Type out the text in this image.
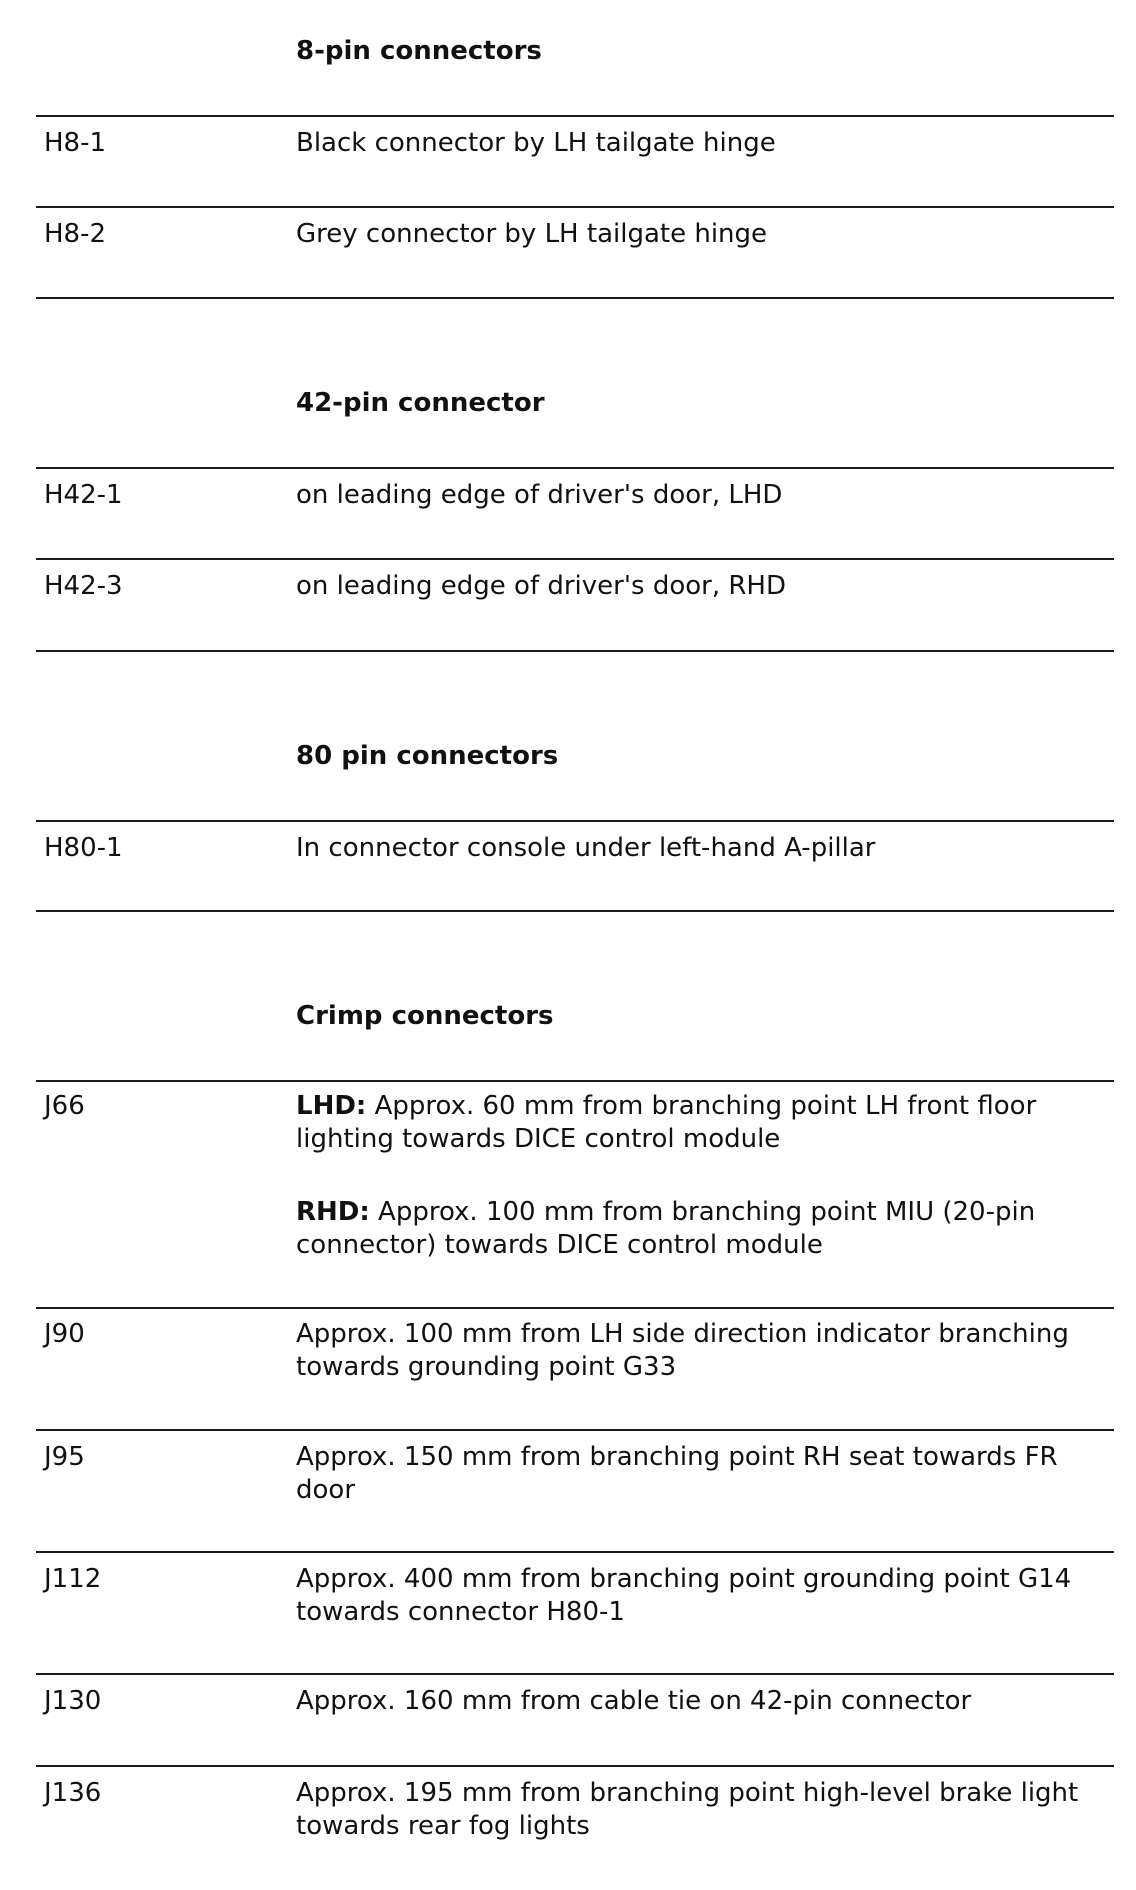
8-pin connectors
H8-1	Black connector by LH tailgate hinge
H8-2	Grey connector by LH tailgate hinge
42-pin connector
H42-1	on leading edge of driver's door, LHD
H42-3	on leading edge of driver's door, RHD
80 pin connectors
H80-1	In connector console under left-hand A-pillar
Crimp connectors
J66	LHD: Approx. 60 mm from branching point LH front floor lighting towards DICE control module
RHD: Approx. 100 mm from branching point MIU (20-pin connector) towards DICE control module
J90	Approx. 100 mm from LH side direction indicator branching towards grounding point G33
J95	Approx. 150 mm from branching point RH seat towards FR door
J112	Approx. 400 mm from branching point grounding point G14 towards connector H80-1
J130	Approx. 160 mm from cable tie on 42-pin connector
J136	Approx. 195 mm from branching point high-level brake light towards rear fog lights
